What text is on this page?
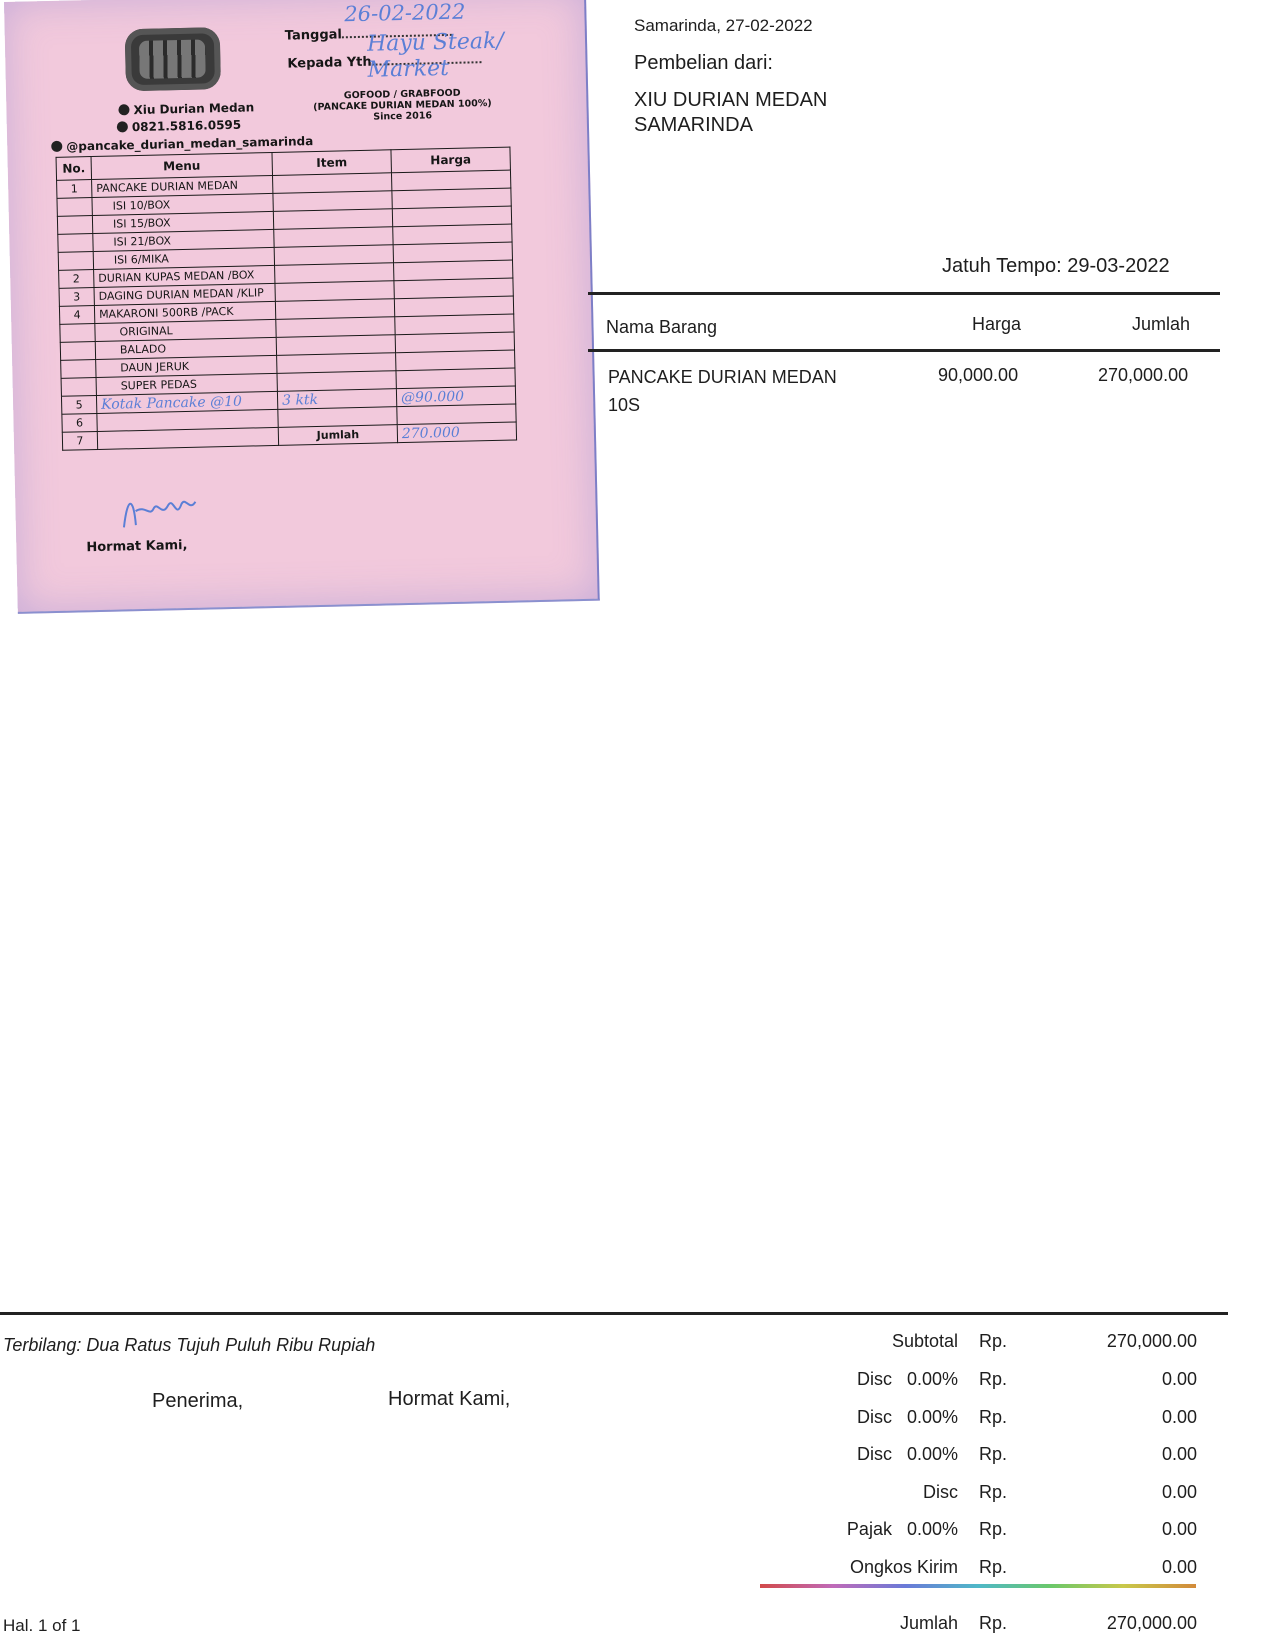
Xiu Durian Medan
0821.5816.0595
@pancake_durian_medan_samarinda
Tanggal
26-02-2022
Kepada Yth
Hayu Steak/ Market
GOFOOD / GRABFOOD
(PANCAKE DURIAN MEDAN 100%)
Since 2016
No.	Menu	Item	Harga
1	PANCAKE DURIAN MEDAN		
	ISI 10/BOX		
	ISI 15/BOX		
	ISI 21/BOX		
	ISI 6/MIKA		
2	DURIAN KUPAS MEDAN /BOX		
3	DAGING DURIAN MEDAN /KLIP		
4	MAKARONI 500RB /PACK		
	ORIGINAL		
	BALADO		
	DAUN JERUK		
	SUPER PEDAS		
5	Kotak Pancake @10	3 ktk	@90.000
6			
7		Jumlah	270.000
Hormat Kami,
Samarinda, 27-02-2022
Pembelian dari:
XIU DURIAN MEDAN
SAMARINDA
Jatuh Tempo: 29-03-2022
Nama Barang	Harga	Jumlah
PANCAKE DURIAN MEDAN
10S
90,000.00	270,000.00
Terbilang: Dua Ratus Tujuh Puluh Ribu Rupiah
Penerima,	Hormat Kami,
Hal. 1 of 1
Subtotal Rp.	270,000.00
Disc   0.00% Rp.	0.00
Disc   0.00% Rp.	0.00
Disc   0.00% Rp.	0.00
Disc Rp.	0.00
Pajak   0.00% Rp.	0.00
Ongkos Kirim Rp.	0.00
Jumlah Rp.	270,000.00
